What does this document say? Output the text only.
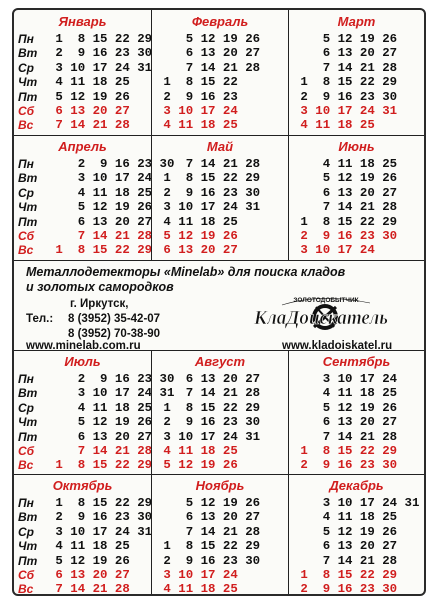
Январь
Пн
Вт
Ср
Чт
Пт
Сб
Вс
1  8 15 22 29
2  9 16 23 30
3 10 17 24 31
4 11 18 25
5 12 19 26
6 13 20 27
7 14 21 28
Февраль
5 12 19 26
6 13 20 27
7 14 21 28
1  8 15 22
2  9 16 23
3 10 17 24
4 11 18 25
Март
5 12 19 26
6 13 20 27
7 14 21 28
1  8 15 22 29
2  9 16 23 30
3 10 17 24 31
4 11 18 25
Апрель
Пн
Вт
Ср
Чт
Пт
Сб
Вс
2  9 16 23 30
3 10 17 24
4 11 18 25
5 12 19 26
6 13 20 27
7 14 21 28
1  8 15 22 29
Май
7 14 21 28
1  8 15 22 29
2  9 16 23 30
3 10 17 24 31
4 11 18 25
5 12 19 26
6 13 20 27
Июнь
4 11 18 25
5 12 19 26
6 13 20 27
7 14 21 28
1  8 15 22 29
2  9 16 23 30
3 10 17 24
Июль
Пн
Вт
Ср
Чт
Пт
Сб
Вс
2  9 16 23 30
3 10 17 24 31
4 11 18 25
5 12 19 26
6 13 20 27
7 14 21 28
1  8 15 22 29
Август
6 13 20 27
7 14 21 28
1  8 15 22 29
2  9 16 23 30
3 10 17 24 31
4 11 18 25
5 12 19 26
Сентябрь
3 10 17 24
4 11 18 25
5 12 19 26
6 13 20 27
7 14 21 28
1  8 15 22 29
2  9 16 23 30
Октябрь
Пн
Вт
Ср
Чт
Пт
Сб
Вс
1  8 15 22 29
2  9 16 23 30
3 10 17 24 31
4 11 18 25
5 12 19 26
6 13 20 27
7 14 21 28
Ноябрь
5 12 19 26
6 13 20 27
7 14 21 28
1  8 15 22 29
2  9 16 23 30
3 10 17 24
4 11 18 25
Декабрь
3 10 17 24 31
4 11 18 25
5 12 19 26
6 13 20 27
7 14 21 28
1  8 15 22 29
2  9 16 23 30
Металлодетекторы «Minelab» для поиска кладов
и золотых самородков
г. Иркутск,
Тел.: 8 (3952) 35-42-07
8 (3952) 70-38-90
www.minelab.com.ru	www.kladoiskatel.ru
ЗОЛОТОДОБЫТЧИК
КлаДоискатель
